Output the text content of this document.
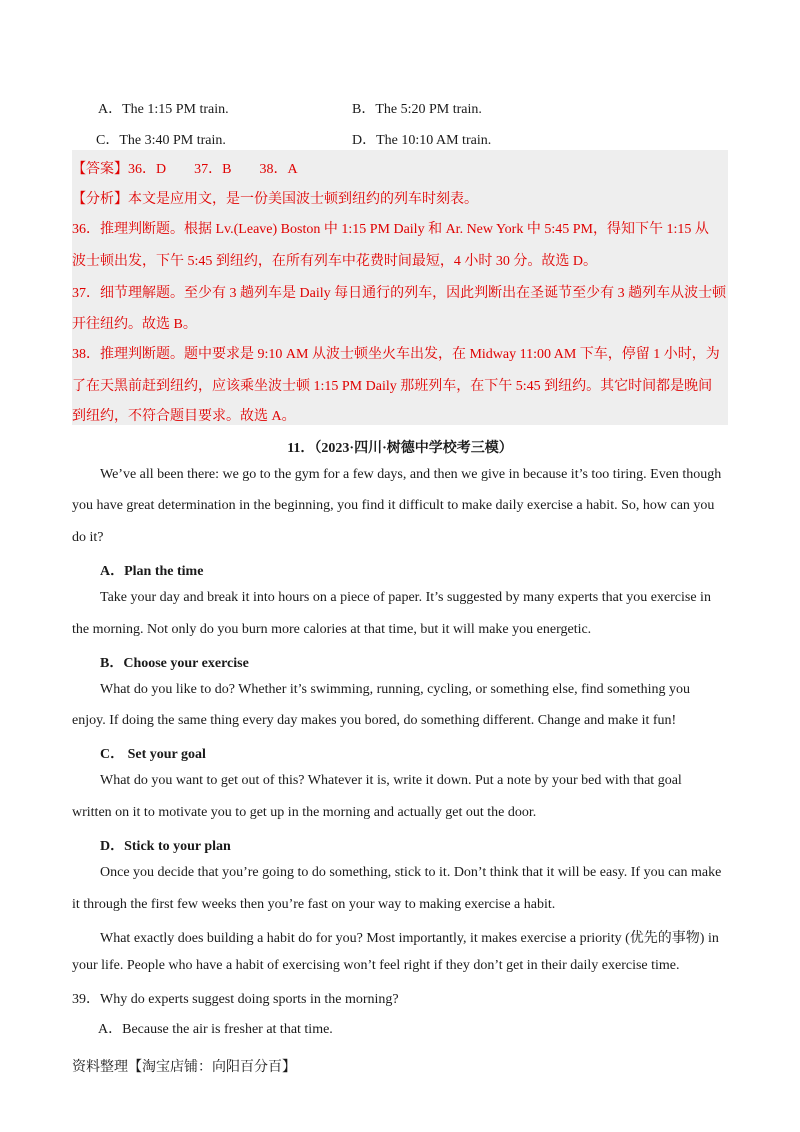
A．The 1:15 PM train.	B．The 5:20 PM train.
C．The 3:40 PM train.	D．The 10:10 AM train.
【答案】36．D　　37．B　　38．A
【分析】本文是应用文，是一份美国波士顿到纽约的列车时刻表。
36．推理判断题。根据 Lv.(Leave) Boston 中 1:15 PM Daily 和 Ar. New York 中 5:45 PM，得知下午 1:15 从
波士顿出发，下午 5:45 到纽约，在所有列车中花费时间最短，4 小时 30 分。故选 D。
37．细节理解题。至少有 3 趟列车是 Daily 每日通行的列车，因此判断出在圣诞节至少有 3 趟列车从波士顿
开往纽约。故选 B。
38．推理判断题。题中要求是 9:10 AM 从波士顿坐火车出发，在 Midway 11:00 AM 下车，停留 1 小时，为
了在天黑前赶到纽约，应该乘坐波士顿 1:15 PM Daily 那班列车，在下午 5:45 到纽约。其它时间都是晚间
到纽约，不符合题目要求。故选 A。
11．（2023·四川·树德中学校考三模）
We’ve all been there: we go to the gym for a few days, and then we give in because it’s too tiring. Even though
you have great determination in the beginning, you find it difficult to make daily exercise a habit. So, how can you
do it?
A．Plan the time
Take your day and break it into hours on a piece of paper. It’s suggested by many experts that you exercise in
the morning. Not only do you burn more calories at that time, but it will make you energetic.
B．Choose your exercise
What do you like to do? Whether it’s swimming, running, cycling, or something else, find something you
enjoy. If doing the same thing every day makes you bored, do something different. Change and make it fun!
C． Set your goal
What do you want to get out of this? Whatever it is, write it down. Put a note by your bed with that goal
written on it to motivate you to get up in the morning and actually get out the door.
D．Stick to your plan
Once you decide that you’re going to do something, stick to it. Don’t think that it will be easy. If you can make
it through the first few weeks then you’re fast on your way to making exercise a habit.
What exactly does building a habit do for you? Most importantly, it makes exercise a priority (优先的事物) in
your life. People who have a habit of exercising won’t feel right if they don’t get in their daily exercise time.
39．Why do experts suggest doing sports in the morning?
A．Because the air is fresher at that time.
资料整理【淘宝店铺：向阳百分百】
